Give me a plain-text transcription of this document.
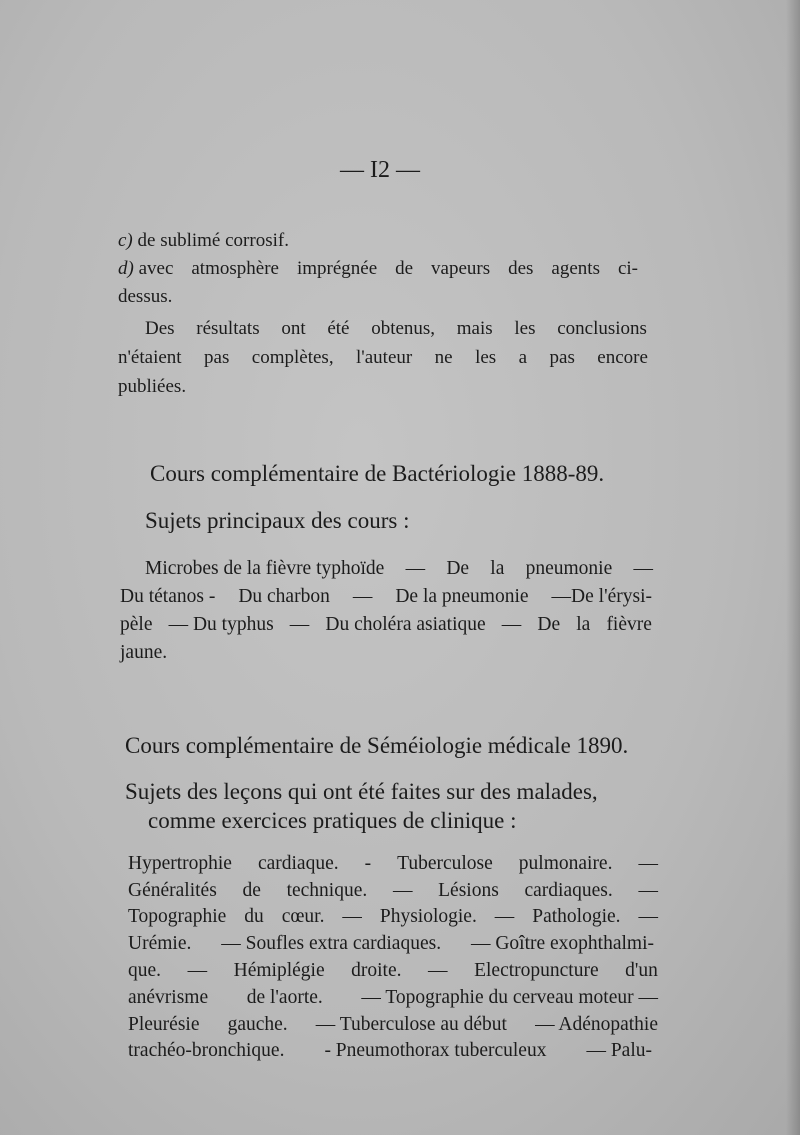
— I2 —
c) de sublimé corrosif.
d) avec atmosphère imprégnée de vapeurs des agents ci-
dessus.
Des résultats ont été obtenus, mais les conclusions
n'étaient pas complètes, l'auteur ne les a pas encore
publiées.
Cours complémentaire de Bactériologie 1888-89.
Sujets principaux des cours :
Microbes de la fièvre typhoïde — De la pneumonie —
Du tétanos - Du charbon — De la pneumonie —De l'érysi-
pèle — Du typhus — Du choléra asiatique — De la fièvre
jaune.
Cours complémentaire de Séméiologie médicale 1890.
Sujets des leçons qui ont été faites sur des malades,
comme exercices pratiques de clinique :
Hypertrophie cardiaque. - Tuberculose pulmonaire. —
Généralités de technique. — Lésions cardiaques. —
Topographie du cœur. — Physiologie. — Pathologie. —
Urémie. — Soufles extra cardiaques. — Goître exophthalmi-
que. — Hémiplégie droite. — Electropuncture d'un
anévrisme de l'aorte. — Topographie du cerveau moteur —
Pleurésie gauche. — Tuberculose au début — Adénopathie
trachéo-bronchique. - Pneumothorax tuberculeux — Palu-
